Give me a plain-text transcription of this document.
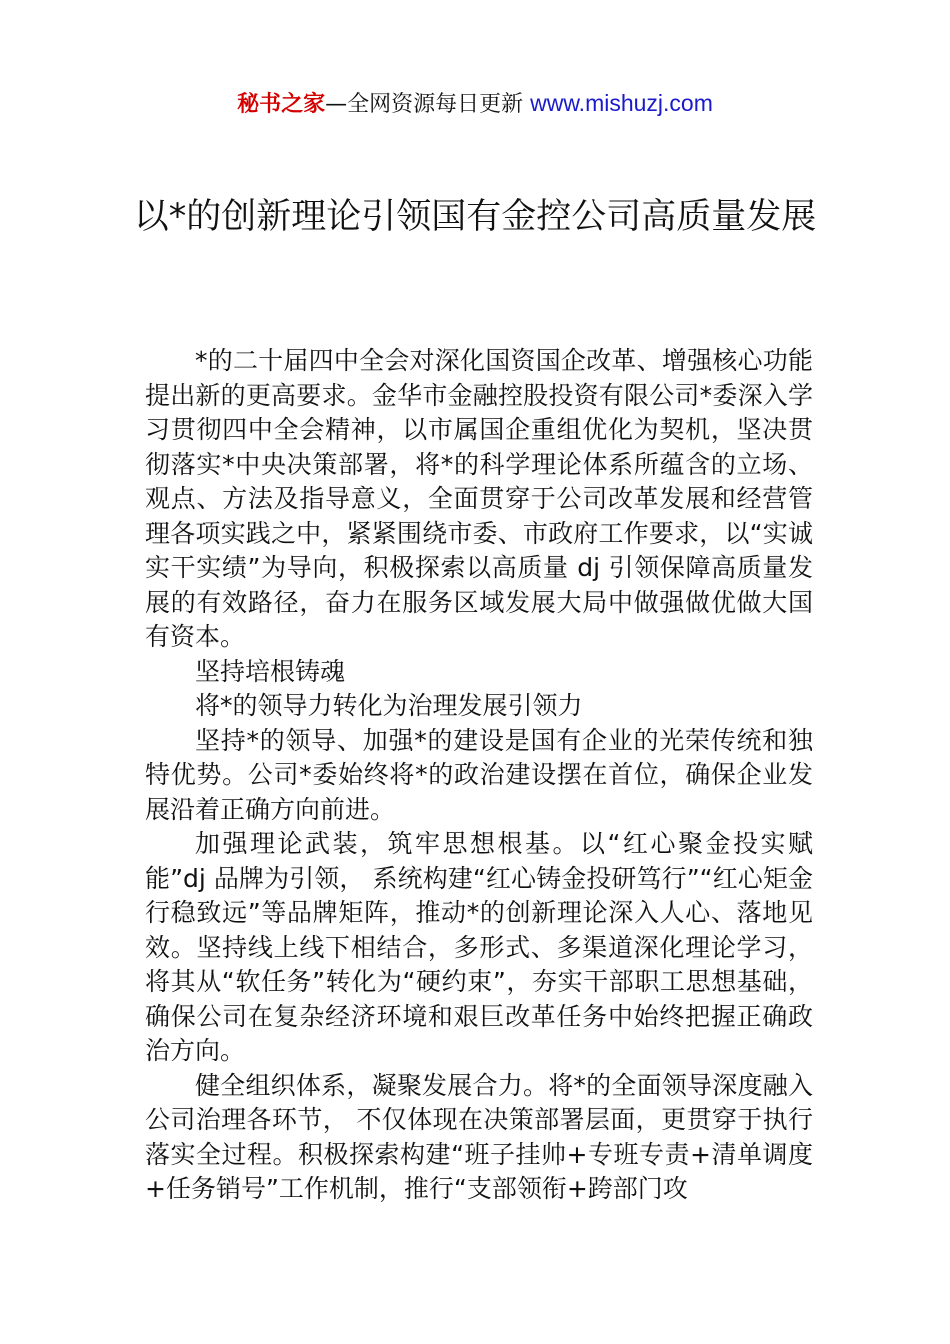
秘书之家—全网资源每日更新 www.mishuzj.com
以*的创新理论引领国有金控公司高质量发展

*的二十届四中全会对深化国资国企改革、增强核心功能提出新的更高要求。金华市金融控股投资有限公司*委深入学习贯彻四中全会精神，以市属国企重组优化为契机，坚决贯彻落实*中央决策部署，将*的科学理论体系所蕴含的立场、观点、方法及指导意义，全面贯穿于公司改革发展和经营管理各项实践之中，紧紧围绕市委、市政府工作要求，以“实诚实干实绩”为导向，积极探索以高质量 dj 引领保障高质量发展的有效路径，奋力在服务区域发展大局中做强做优做大国有资本。

坚持培根铸魂

将*的领导力转化为治理发展引领力

坚持*的领导、加强*的建设是国有企业的光荣传统和独特优势。公司*委始终将*的政治建设摆在首位，确保企业发展沿着正确方向前进。

加强理论武装，筑牢思想根基。以“红心聚金投实赋能”dj 品牌为引领， 系统构建“红心铸金投研笃行”“红心矩金行稳致远”等品牌矩阵，推动*的创新理论深入人心、落地见效。坚持线上线下相结合，多形式、多渠道深化理论学习，将其从“软任务”转化为“硬约束”，夯实干部职工思想基础，确保公司在复杂经济环境和艰巨改革任务中始终把握正确政治方向。

健全组织体系，凝聚发展合力。将*的全面领导深度融入公司治理各环节， 不仅体现在决策部署层面，更贯穿于执行落实全过程。积极探索构建“班子挂帅+专班专责+清单调度+任务销号”工作机制，推行“支部领衔+跨部门攻
